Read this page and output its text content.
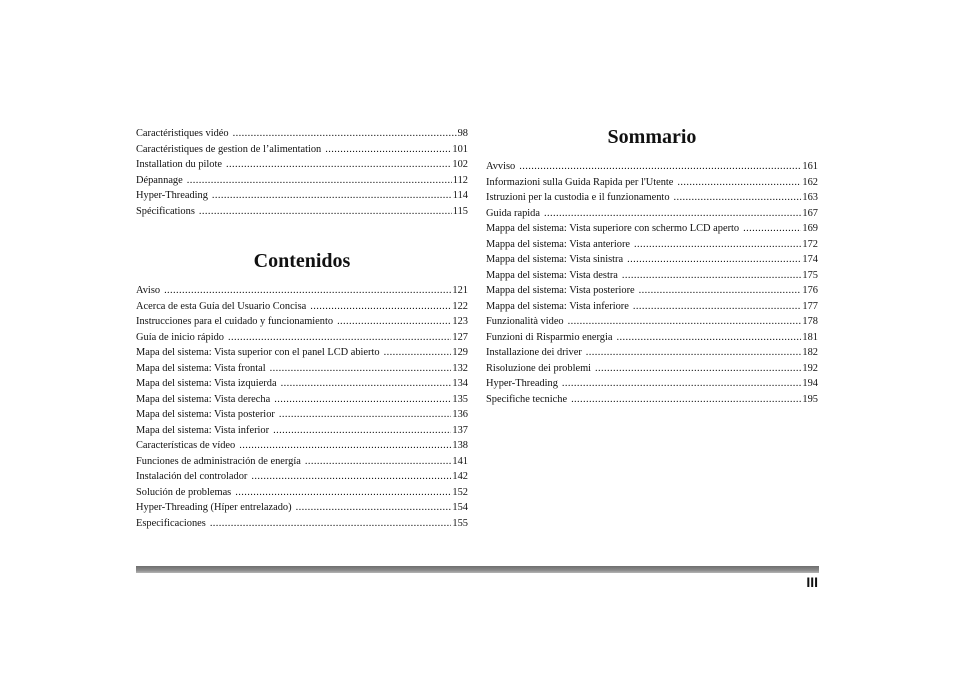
Caractéristiques vidéo .....	98
Caractéristiques de gestion de l’alimentation .....	101
Installation du pilote .....	102
Dépannage .....	112
Hyper-Threading .....	114
Spécifications .....	115
Contenidos
Aviso .....	121
Acerca de esta Guía del Usuario Concisa .....	122
Instrucciones para el cuidado y funcionamiento .....	123
Guía de inicio rápido .....	127
Mapa del sistema: Vista superior con el panel LCD abierto .....	129
Mapa del sistema: Vista frontal .....	132
Mapa del sistema: Vista izquierda .....	134
Mapa del sistema: Vista derecha .....	135
Mapa del sistema: Vista posterior .....	136
Mapa del sistema: Vista inferior .....	137
Características de vídeo .....	138
Funciones de administración de energía .....	141
Instalación del controlador .....	142
Solución de problemas .....	152
Hyper-Threading (Híper entrelazado) .....	154
Especificaciones .....	155
Sommario
Avviso .....	161
Informazioni sulla Guida Rapida per l'Utente .....	162
Istruzioni per la custodia e il funzionamento .....	163
Guida rapida .....	167
Mappa del sistema: Vista superiore con schermo LCD aperto .....	169
Mappa del sistema: Vista anteriore .....	172
Mappa del sistema: Vista sinistra .....	174
Mappa del sistema: Vista destra .....	175
Mappa del sistema: Vista posteriore .....	176
Mappa del sistema: Vista inferiore .....	177
Funzionalità video .....	178
Funzioni di Risparmio energia .....	181
Installazione dei driver .....	182
Risoluzione dei problemi .....	192
Hyper-Threading .....	194
Specifiche tecniche .....	195
III
